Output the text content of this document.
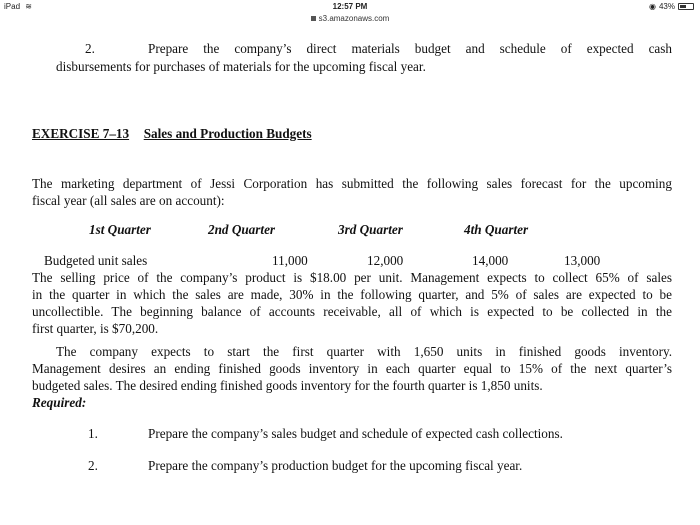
iPad ≋	12:57 PM	◉ 43%
s3.amazonaws.com
2.	Prepare the company’s direct materials budget and schedule of expected cash
disbursements for purchases of materials for the upcoming fiscal year.
EXERCISE 7–13 Sales and Production Budgets
The marketing department of Jessi Corporation has submitted the following sales forecast for the upcoming
fiscal year (all sales are on account):
1st Quarter	2nd Quarter	3rd Quarter	4th Quarter
Budgeted unit sales	11,000	12,000	14,000	13,000
The selling price of the company’s product is $18.00 per unit. Management expects to collect 65% of sales
in the quarter in which the sales are made, 30% in the following quarter, and 5% of sales are expected to be
uncollectible. The beginning balance of accounts receivable, all of which is expected to be collected in the
first quarter, is $70,200.
The company expects to start the first quarter with 1,650 units in finished goods inventory.
Management desires an ending finished goods inventory in each quarter equal to 15% of the next quarter’s
budgeted sales. The desired ending finished goods inventory for the fourth quarter is 1,850 units.
Required:
1.	Prepare the company’s sales budget and schedule of expected cash collections.
2.	Prepare the company’s production budget for the upcoming fiscal year.
